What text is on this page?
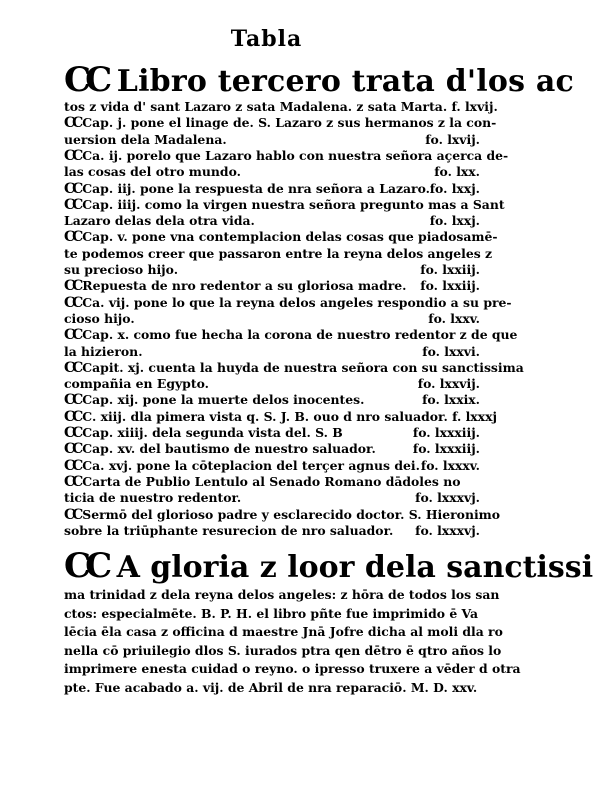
Tabla
CC Libro tercero trata d'los ac
tos z vida d' sant Lazaro z sata Madalena. z sata Marta. f. lxvij.
CC Cap. j. pone el linage de. S. Lazaro z sus hermanos z la con-
uersion dela Madalena.	fo. lxvij.
CC Ca. ij. porelo que Lazaro hablo con nuestra señora açerca de-
las cosas del otro mundo.	fo. lxx.
CC Cap. iij. pone la respuesta de nra señora a Lazaro. fo. lxxj.
CC Cap. iiij. como la virgen nuestra señora pregunto mas a Sant
Lazaro delas dela otra vida.	fo. lxxj.
CC Cap. v. pone vna contemplacion delas cosas que piadosamē-
te podemos creer que passaron entre la reyna delos angeles z
su precioso hijo.	fo. lxxiij.
CC Repuesta de nro redentor a su gloriosa madre. fo. lxxiij.
CC Ca. vij. pone lo que la reyna delos angeles respondio a su pre-
cioso hijo.	fo. lxxv.
CC Cap. x. como fue hecha la corona de nuestro redentor z de que
la hizieron.	fo. lxxvi.
CC Capit. xj. cuenta la huyda de nuestra señora con su sanctissima
compañia en Egypto.	fo. lxxvij.
CC Cap. xij. pone la muerte delos inocentes.	fo. lxxix.
CC C. xiij. dla pimera vista q. S. J. B. ouo d nro saluador. f. lxxxj
CC Cap. xiiij. dela segunda vista del. S. B	fo. lxxxiij.
CC Cap. xv. del bautismo de nuestro saluador.	fo. lxxxiij.
CC Ca. xvj. pone la cōteplacion del terçer agnus dei. fo. lxxxv.
CC Carta de Publio Lentulo al Senado Romano dādoles no
ticia de nuestro redentor.	fo. lxxxvj.
CC Sermō del glorioso padre y esclarecido doctor. S. Hieronimo
sobre la triūphante resurecion de nro saluador. fo. lxxxvj.
CC A gloria z loor dela sanctissi
ma trinidad z dela reyna delos angeles: z hōra de todos los san
ctos: especialmēte. B. P. H. el libro pñte fue imprimido ē Va
lēcia ēla casa z officina d maestre Jnā Jofre dicha al moli dla ro
nella cō priuilegio dlos S. iurados ptra qen dētro ē qtro años lo
imprimere enesta cuidad o reyno. o ipresso truxere a vēder d otra
pte. Fue acabado a. vij. de Abril de nra reparaciō. M. D. xxv.
